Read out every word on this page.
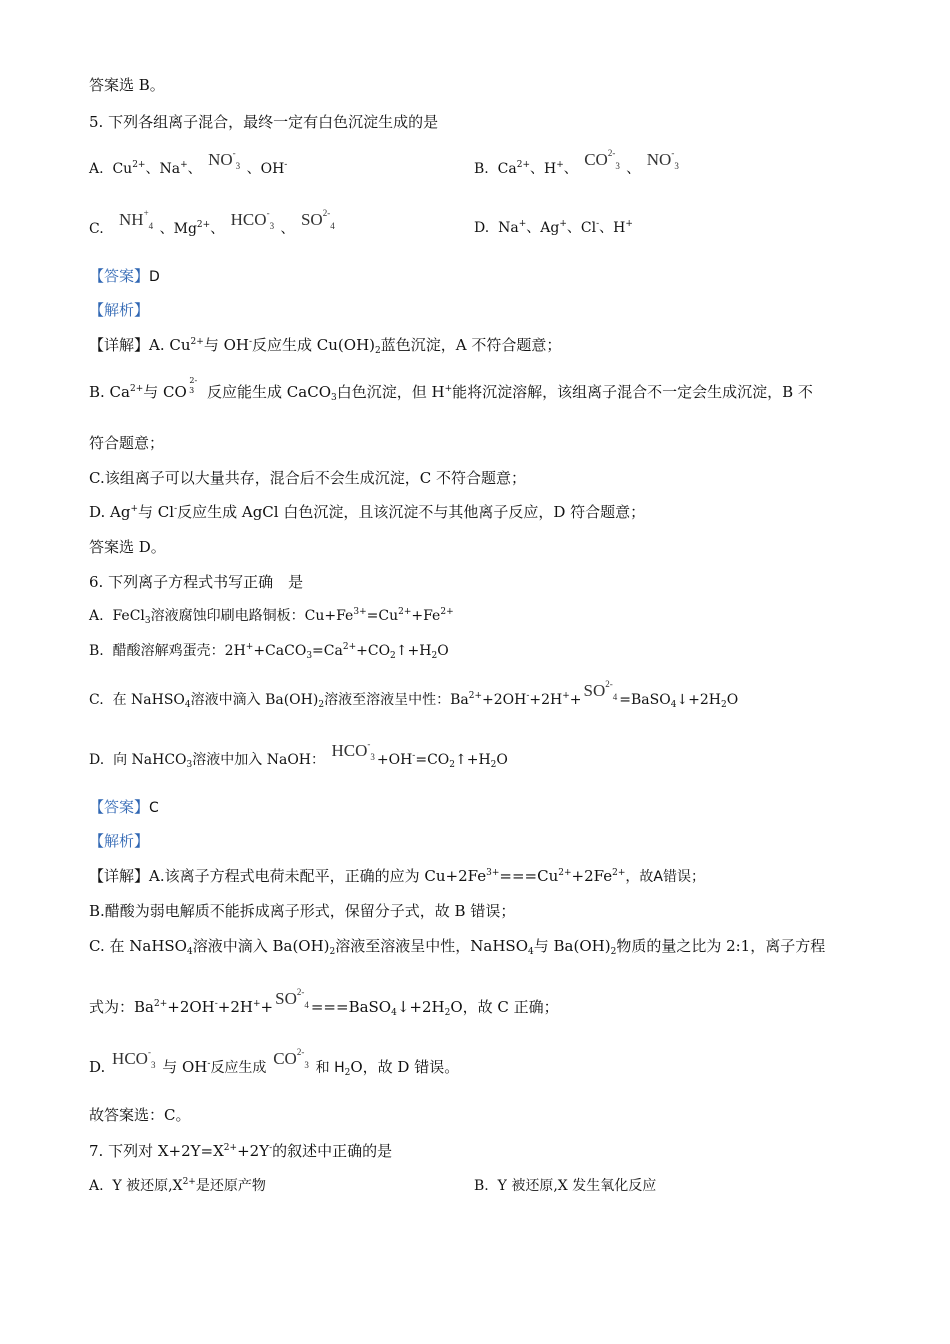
答案选 B。
5. 下列各组离子混合，最终一定有白色沉淀生成的是
A. $Cu^{2+}$、Na+、 $NO^-_3$ 、OH-	B. $Ca^{2+}$、H+、 $CO^{2-}_3$ 、 $NO^-_3$
C. $NH^+_4$ 、$Mg^{2+}$、 $HCO^-_3$ 、 $SO^{2-}_4$	D. Na+、Ag+、Cl-、H+
【答案】D
【解析】
【详解】A. $Cu^{2+}$与 OH-反应生成 $Cu(OH)_2$蓝色沉淀，A 不符合题意；
B. $Ca^{2+}$与 CO $^{2-3}$ 反应能生成 CaCO$_3$白色沉淀，但 H+能将沉淀溶解，该组离子混合不一定会生成沉淀，B 不
符合题意；
C.该组离子可以大量共存，混合后不会生成沉淀，C 不符合题意；
D. Ag+与 Cl-反应生成 AgCl 白色沉淀，且该沉淀不与其他离子反应，D 符合题意；
答案选 D。
6. 下列离子方程式书写正确　是
A. FeCl$_3$溶液腐蚀印刷电路铜板：$Cu+Fe^{3+}=Cu^{2+}+Fe^{2+}$
B. 醋酸溶解鸡蛋壳：$2H^++CaCO_3=Ca^{2+}+CO_2↑+H_2O$
C. 在 NaHSO$_4$溶液中滴入 $Ba(OH)_2$溶液至溶液呈中性：$Ba^{2+}+2OH^-+2H^++ SO^{2-}_4$ $=BaSO_4↓+2H_2O$
D. 向 NaHCO$_3$溶液中加入 NaOH： $HCO^-_3$ $+OH^-=CO_2↑+H_2O$
【答案】C
【解析】
【详解】A.该离子方程式电荷未配平，正确的应为 $Cu+2Fe^{3+}===Cu^{2+}+2Fe^{2+}$，故A错误；
B.醋酸为弱电解质不能拆成离子形式，保留分子式，故 B 错误；
C. 在 NaHSO$_4$溶液中滴入 $Ba(OH)_2$溶液至溶液呈中性，NaHSO$_4$与 $Ba(OH)_2$物质的量之比为 2:1，离子方程
式为：$Ba^{2+}+2OH^-+2H^++ SO^{2-}_4$ $===BaSO_4↓+2H_2O$，故 C 正确；
D. $HCO^-_3$ 与 OH-反应生成 $CO^{2-}_3$ 和 $H_2O$，故 D 错误。
故答案选：C。
7. 下列对 $X+2Y=X^{2+}+2Y^-$的叙述中正确的是
A. Y 被还原$,X^{2+}$是还原产物	B. Y 被还原,X 发生氧化反应
